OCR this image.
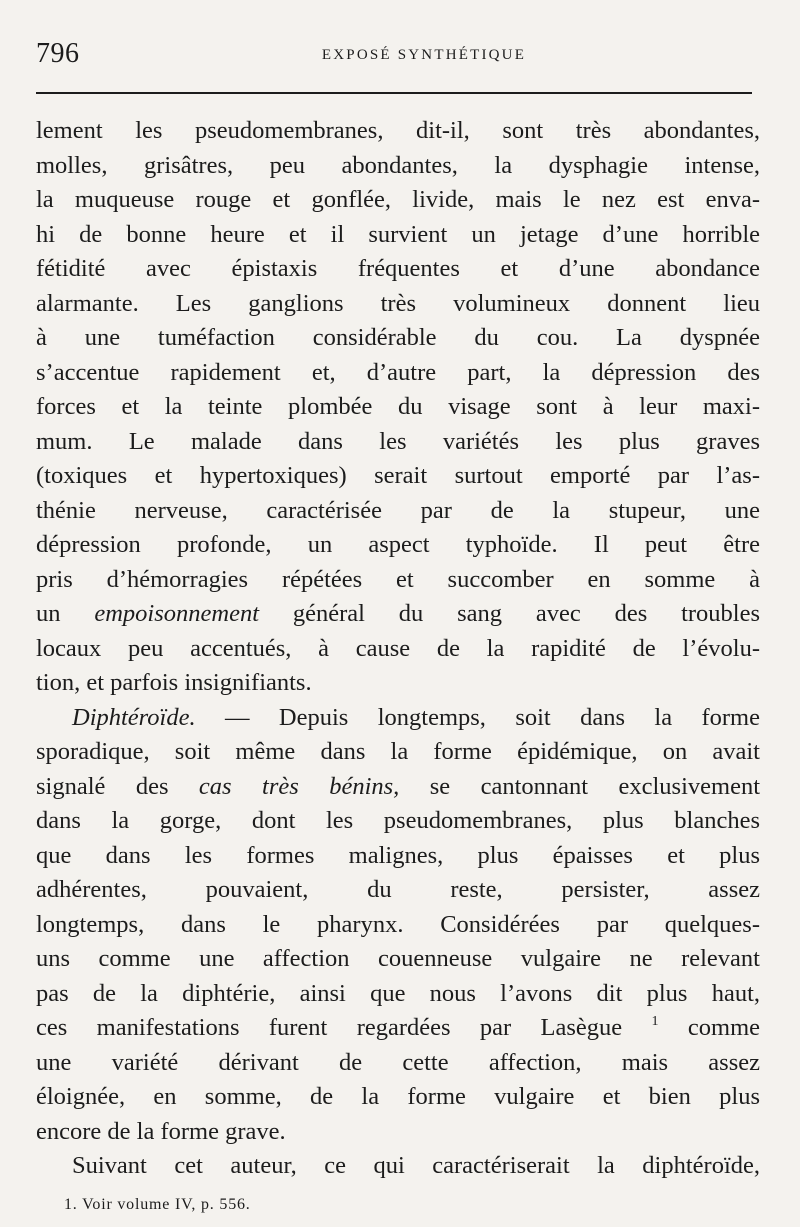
796	EXPOSÉ SYNTHÉTIQUE
lement les pseudomembranes, dit-il, sont très abondantes,
molles, grisâtres, peu abondantes, la dysphagie intense,
la muqueuse rouge et gonflée, livide, mais le nez est enva-
hi de bonne heure et il survient un jetage d’une horrible
fétidité avec épistaxis fréquentes et d’une abondance
alarmante. Les ganglions très volumineux donnent lieu
à une tuméfaction considérable du cou. La dyspnée
s’accentue rapidement et, d’autre part, la dépression des
forces et la teinte plombée du visage sont à leur maxi-
mum. Le malade dans les variétés les plus graves
(toxiques et hypertoxiques) serait surtout emporté par l’as-
thénie nerveuse, caractérisée par de la stupeur, une
dépression profonde, un aspect typhoïde. Il peut être
pris d’hémorragies répétées et succomber en somme à
un empoisonnement général du sang avec des troubles
locaux peu accentués, à cause de la rapidité de l’évolu-
tion, et parfois insignifiants.
Diphtéroïde. — Depuis longtemps, soit dans la forme
sporadique, soit même dans la forme épidémique, on avait
signalé des cas très bénins, se cantonnant exclusivement
dans la gorge, dont les pseudomembranes, plus blanches
que dans les formes malignes, plus épaisses et plus
adhérentes, pouvaient, du reste, persister, assez
longtemps, dans le pharynx. Considérées par quelques-
uns comme une affection couenneuse vulgaire ne relevant
pas de la diphtérie, ainsi que nous l’avons dit plus haut,
ces manifestations furent regardées par Lasègue $^1$ comme
une variété dérivant de cette affection, mais assez
éloignée, en somme, de la forme vulgaire et bien plus
encore de la forme grave.
Suivant cet auteur, ce qui caractériserait la diphtéroïde,
1. Voir volume IV, p. 556.
